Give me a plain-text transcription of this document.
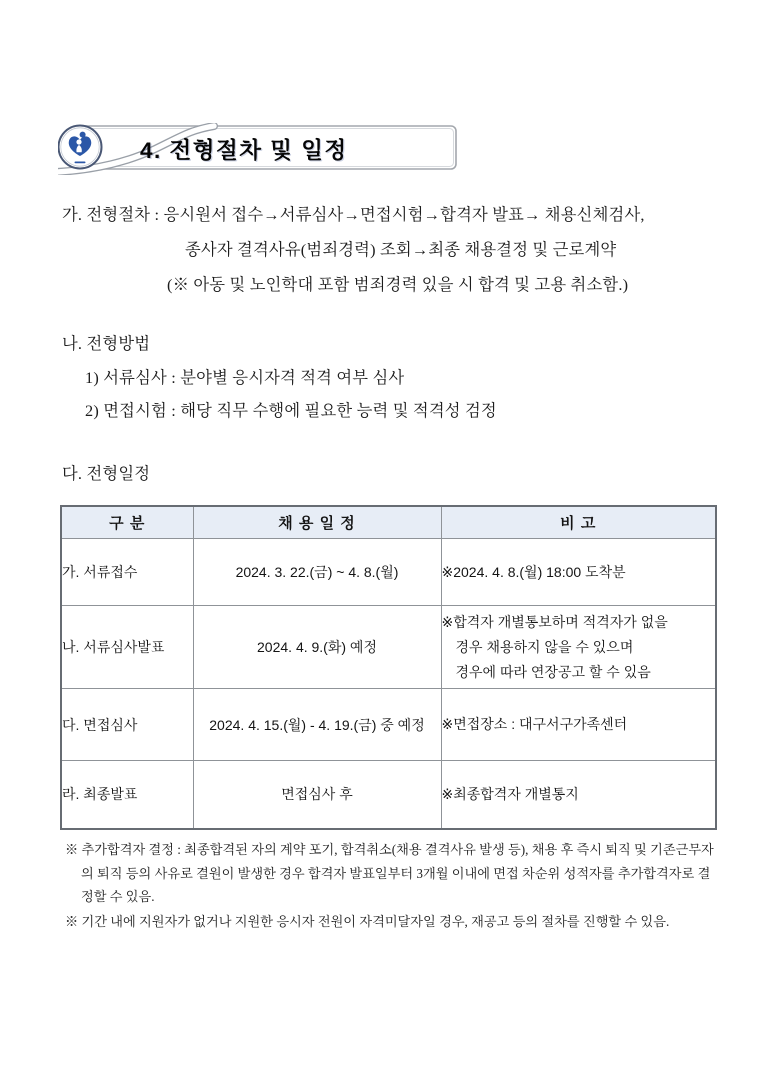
4. 전형절차 및 일정
가. 전형절차 : 응시원서 접수→서류심사→면접시험→합격자 발표→ 채용신체검사,
종사자 결격사유(범죄경력) 조회→최종 채용결정 및 근로계약
(※ 아동 및 노인학대 포함 범죄경력 있을 시 합격 및 고용 취소함.)
나. 전형방법
1) 서류심사 : 분야별 응시자격 적격 여부 심사
2) 면접시험 : 해당 직무 수행에 필요한 능력 및 적격성 검정
다. 전형일정
구 분	채 용 일 정	비 고
가. 서류접수	2024. 3. 22.(금) ~ 4. 8.(월)	※2024. 4. 8.(월) 18:00 도착분
나. 서류심사발표	2024. 4. 9.(화) 예정	※합격자 개별통보하며 적격자가 없을
경우 채용하지 않을 수 있으며
경우에 따라 연장공고 할 수 있음

다. 면접심사	2024. 4. 15.(월) - 4. 19.(금) 중 예정	※면접장소 : 대구서구가족센터
라. 최종발표	면접심사 후	※최종합격자 개별통지

※ 추가합격자 결정 : 최종합격된 자의 계약 포기, 합격취소(채용 결격사유 발생 등), 채용 후 즉시 퇴직 및 기존근무자의 퇴직 등의 사유로 결원이 발생한 경우 합격자 발표일부터 3개월 이내에 면접 차순위 성적자를 추가합격자로 결정할 수 있음.

※ 기간 내에 지원자가 없거나 지원한 응시자 전원이 자격미달자일 경우, 재공고 등의 절차를 진행할 수 있음.
